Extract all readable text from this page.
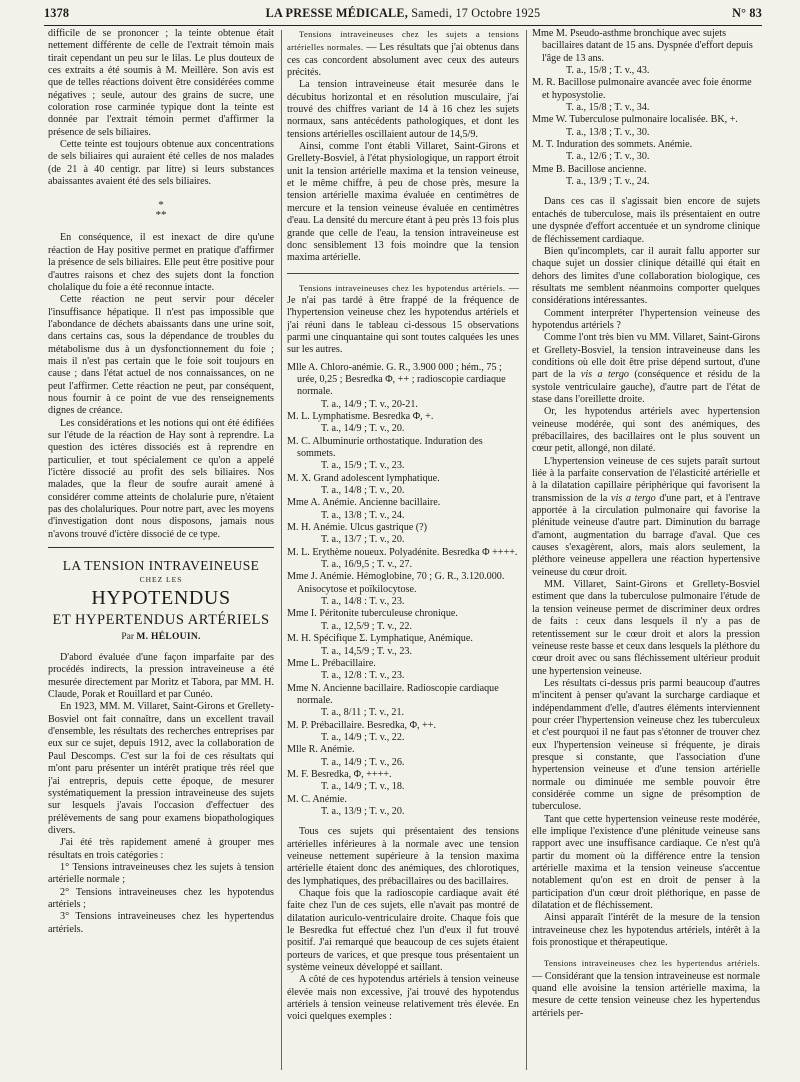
1378	LA PRESSE MÉDICALE, Samedi, 17 Octobre 1925	N° 83

difficile de se prononcer ; la teinte obtenue était nettement différente de celle de l'extrait témoin mais tirait cependant un peu sur le lilas. Le plus douteux de ces extraits a été soumis à M. Meillère. Son avis est que de telles réactions doivent être considérées comme négatives ; seule, autour des grains de sucre, une coloration rose carminée typique dont la teinte est donnée par l'extrait témoin permet d'affirmer la présence de sels biliaires.

Cette teinte est toujours obtenue aux concentrations de sels biliaires qui auraient été celles de nos malades (de 21 à 40 centigr. par litre) si leurs substances abaissantes avaient été des sels biliaires.

*
**

En conséquence, il est inexact de dire qu'une réaction de Hay positive permet en pratique d'affirmer la présence de sels biliaires. Elle peut être positive pour d'autres raisons et chez des sujets dont la fonction cholalique du foie a été reconnue intacte.

Cette réaction ne peut servir pour déceler l'insuffisance hépatique. Il n'est pas impossible que l'abondance de déchets abaissants dans une urine soit, dans certains cas, sous la dépendance de troubles du métabolisme dus à un dysfonctionnement du foie ; mais il n'est pas certain que le foie soit toujours en cause ; dans l'état actuel de nos connaissances, on ne peut l'affirmer. Cette réaction ne peut, par conséquent, nous fournir à ce point de vue des renseignements dignes de créance.

Les considérations et les notions qui ont été édifiées sur l'étude de la réaction de Hay sont à reprendre. La question des ictères dissociés est à reprendre en particulier, et tout spécialement ce qu'on a appelé l'ictère dissocié au profit des sels biliaires. Nos malades, que la fleur de soufre aurait amené à considérer comme atteints de cholalurie pure, n'étaient pas des cholaluriques. Pour notre part, avec les moyens d'investigation dont nous disposons, jamais nous n'avons trouvé d'ictère dissocié de ce type.

LA TENSION INTRAVEINEUSE
CHEZ LES
HYPOTENDUS
ET HYPERTENDUS ARTÉRIELS
Par M. HÉLOUIN.

D'abord évaluée d'une façon imparfaite par des procédés indirects, la pression intraveineuse a été mesurée directement par Moritz et Tabora, par MM. H. Claude, Porak et Rouillard et par Cunéo.

En 1923, MM. M. Villaret, Saint-Girons et Grellety-Bosviel ont fait connaître, dans un excellent travail d'ensemble, les résultats des recherches entreprises par eux sur ce sujet, depuis 1912, avec la collaboration de Paul Descomps. C'est sur la foi de ces résultats qui m'ont paru présenter un intérêt pratique très réel que j'ai entrepris, depuis cette époque, de mesurer systématiquement la pression intraveineuse des sujets sur lesquels j'avais l'occasion d'effectuer des prélèvements de sang pour examens biopathologiques divers.

J'ai été très rapidement amené à grouper mes résultats en trois catégories :

1° Tensions intraveineuses chez les sujets à tension artérielle normale ;

2° Tensions intraveineuses chez les hypotendus artériels ;

3° Tensions intraveineuses chez les hypertendus artériels.

Tensions intraveineuses chez les sujets a tensions artérielles normales. — Les résultats que j'ai obtenus dans ces cas concordent absolument avec ceux des auteurs précités.

La tension intraveineuse était mesurée dans le décubitus horizontal et en résolution musculaire, j'ai trouvé des chiffres variant de 14 à 16 chez les sujets normaux, sans antécédents pathologiques, et dont les tensions artérielles oscillaient autour de 14,5/9.

Ainsi, comme l'ont établi Villaret, Saint-Girons et Grellety-Bosviel, à l'état physiologique, un rapport étroit unit la tension artérielle maxima et la tension veineuse, et le même chiffre, à peu de chose près, mesure la tension artérielle maxima évaluée en centimètres de mercure et la tension veineuse évaluée en centimètres d'eau. La densité du mercure étant à peu près 13 fois plus grande que celle de l'eau, la tension intraveineuse est donc sensiblement 13 fois moindre que la tension maxima artérielle.

Tensions intraveineuses chez les hypotendus artériels. — Je n'ai pas tardé à être frappé de la fréquence de l'hypertension veineuse chez les hypotendus artériels et j'ai réuni dans le tableau ci-dessous 15 observations parmi une cinquantaine qui sont toutes calquées les unes sur les autres.

Mlle A. Chloro-anémie. G. R., 3.900 000 ; hém., 75 ; urée, 0,25 ; Besredka Φ, ++ ; radioscopie cardiaque normale.
T. a., 14/9 ; T. v., 20-21.
M. L. Lymphatisme. Besredka Φ, +.
T. a., 14/9 ; T. v., 20.
M. C. Albuminurie orthostatique. Induration des sommets.
T. a., 15/9 ; T. v., 23.
M. X. Grand adolescent lymphatique.
T. a., 14/8 ; T. v., 20.
Mme A. Anémie. Ancienne bacillaire.
T. a., 13/8 ; T. v., 24.
M. H. Anémie. Ulcus gastrique (?)
T. a., 13/7 ; T. v., 20.
M. L. Erythème noueux. Polyadénite. Besredka Φ ++++.
T. a., 16/9,5 ; T. v., 27.
Mme J. Anémie. Hémoglobine, 70 ; G. R., 3.120.000. Anisocytose et poïkilocytose.
T. a., 14/8 : T. v., 23.
Mme I. Péritonite tuberculeuse chronique.
T. a., 12,5/9 ; T. v., 22.
M. H. Spécifique Σ. Lymphatique, Anémique.
T. a., 14,5/9 ; T. v., 23.
Mme L. Prébacillaire.
T. a., 12/8 : T. v., 23.
Mme N. Ancienne bacillaire. Radioscopie cardiaque normale.
T. a., 8/11 ; T. v., 21.
M. P. Prébacillaire. Besredka, Φ, ++.
T. a., 14/9 ; T. v., 22.
Mlle R. Anémie.
T. a., 14/9 ; T. v., 26.
M. F. Besredka, Φ, ++++.
T. a., 14/9 ; T. v., 18.
M. C. Anémie.
T. a., 13/9 ; T. v., 20.

Tous ces sujets qui présentaient des tensions artérielles inférieures à la normale avec une tension veineuse nettement supérieure à la tension maxima artérielle étaient donc des anémiques, des chlorotiques, des lymphatiques, des prébacillaires ou des bacillaires.

Chaque fois que la radioscopie cardiaque avait été faite chez l'un de ces sujets, elle n'avait pas montré de dilatation auriculo-ventriculaire droite. Chaque fois que le Besredka fut effectué chez l'un d'eux il fut trouvé positif. J'ai remarqué que beaucoup de ces sujets étaient porteurs de varices, et que presque tous présentaient un système veineux développé et saillant.

A côté de ces hypotendus artériels à tension veineuse élevée mais non excessive, j'ai trouvé des hypotendus artériels à tension veineuse relativement très élevée. En voici quelques exemples :

Mme M. Pseudo-asthme bronchique avec sujets bacillaires datant de 15 ans. Dyspnée d'effort depuis l'âge de 13 ans.
T. a., 15/8 ; T. v., 43.
M. R. Bacillose pulmonaire avancée avec foie énorme et hyposystolie.
T. a., 15/8 ; T. v., 34.
Mme W. Tuberculose pulmonaire localisée. BK, +.
T. a., 13/8 ; T. v., 30.
M. T. Induration des sommets. Anémie.
T. a., 12/6 ; T. v., 30.
Mme B. Bacillose ancienne.
T. a., 13/9 ; T. v., 24.

Dans ces cas il s'agissait bien encore de sujets entachés de tuberculose, mais ils présentaient en outre une dyspnée d'effort accentuée et un syndrome clinique de fléchissement cardiaque.

Bien qu'incomplets, car il aurait fallu apporter sur chaque sujet un dossier clinique détaillé qui était en dehors des limites d'une collaboration biologique, ces résultats me semblent néanmoins comporter quelques considérations intéressantes.

Comment interpréter l'hypertension veineuse des hypotendus artériels ?

Comme l'ont très bien vu MM. Villaret, Saint-Girons et Grellety-Bosviel, la tension intraveineuse dans les conditions où elle doit être prise dépend surtout, d'une part de la vis a tergo (conséquence et résidu de la systole ventriculaire gauche), d'autre part de l'état de stase dans l'oreillette droite.

Or, les hypotendus artériels avec hypertension veineuse modérée, qui sont des anémiques, des prébacillaires, des bacillaires ont le plus souvent un cœur petit, allongé, non dilaté.

L'hypertension veineuse de ces sujets paraît surtout liée à la parfaite conservation de l'élasticité artérielle et à la dilatation capillaire périphérique qui favorisent la transmission de la vis a tergo d'une part, et à l'entrave apportée à la circulation pulmonaire qui favorise la plénitude veineuse d'autre part. Diminution du barrage d'amont, augmentation du barrage d'aval. Que ces causes s'exagèrent, alors, mais alors seulement, la pléthore veineuse appellera une réaction hypertensive veineuse du cœur droit.

MM. Villaret, Saint-Girons et Grellety-Bosviel estiment que dans la tuberculose pulmonaire l'étude de la tension veineuse permet de discriminer deux ordres de faits : ceux dans lesquels il n'y a pas de retentissement sur le cœur droit et alors la pression veineuse reste basse et ceux dans lesquels la pléthore du cœur droit avec ou sans fléchissement ultérieur produit une hypertension veineuse.

Les résultats ci-dessus pris parmi beaucoup d'autres m'incitent à penser qu'avant la surcharge cardiaque et indépendamment d'elle, d'autres éléments interviennent pour créer l'hypertension veineuse chez les tuberculeux et c'est pourquoi il ne faut pas s'étonner de trouver chez eux l'hypertension veineuse si fréquente, je dirais presque si constante, que l'association d'une hypertension veineuse et d'une tension artérielle normale ou diminuée me semble pouvoir être considérée comme un signe de présomption de tuberculose.

Tant que cette hypertension veineuse reste modérée, elle implique l'existence d'une plénitude veineuse sans rapport avec une insuffisance cardiaque. Ce n'est qu'à partir du moment où la différence entre la tension artérielle maxima et la tension veineuse s'accentue notablement qu'on est en droit de penser à la participation d'un cœur droit pléthorique, en passe de dilatation et de fléchissement.

Ainsi apparaît l'intérêt de la mesure de la tension intraveineuse chez les hypotendus artériels, intérêt à la fois pronostique et thérapeutique.

Tensions intraveineuses chez les hypertendus artériels. — Considérant que la tension intraveineuse est normale quand elle avoisine la tension artérielle maxima, la mesure de cette tension veineuse chez les hypertendus artériels per-
